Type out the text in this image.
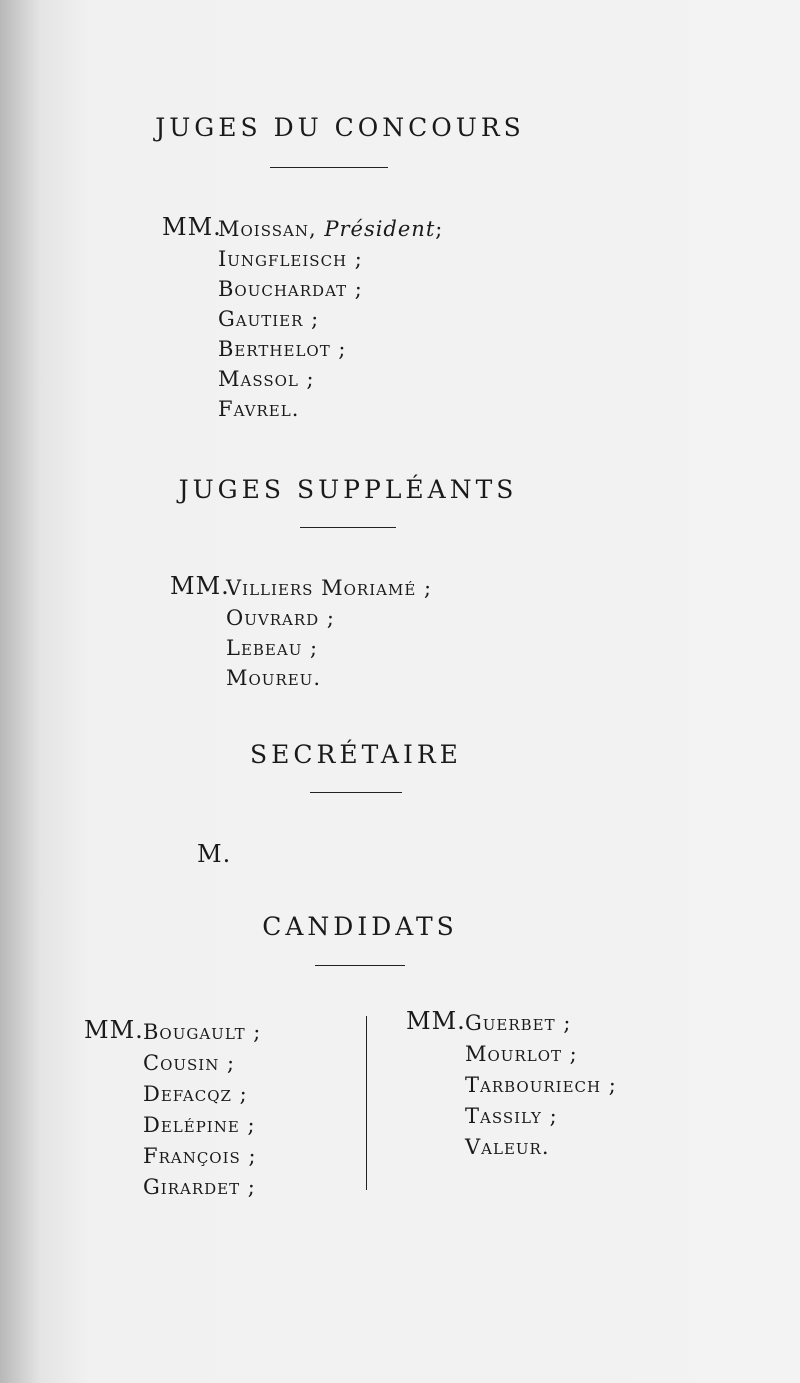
JUGES DU CONCOURS
MM.
Moissan, Président;
Iungfleisch ;
Bouchardat ;
Gautier ;
Berthelot ;
Massol ;
Favrel.
JUGES SUPPLÉANTS
MM.
Villiers Moriamé ;
Ouvrard ;
Lebeau ;
Moureu.
SECRÉTAIRE
M.
CANDIDATS
MM. Bougault ;
Cousin ;
Defacqz ;
Delépine ;
François ;
Girardet ;
MM. Guerbet ;
Mourlot ;
Tarbouriech ;
Tassily ;
Valeur.
